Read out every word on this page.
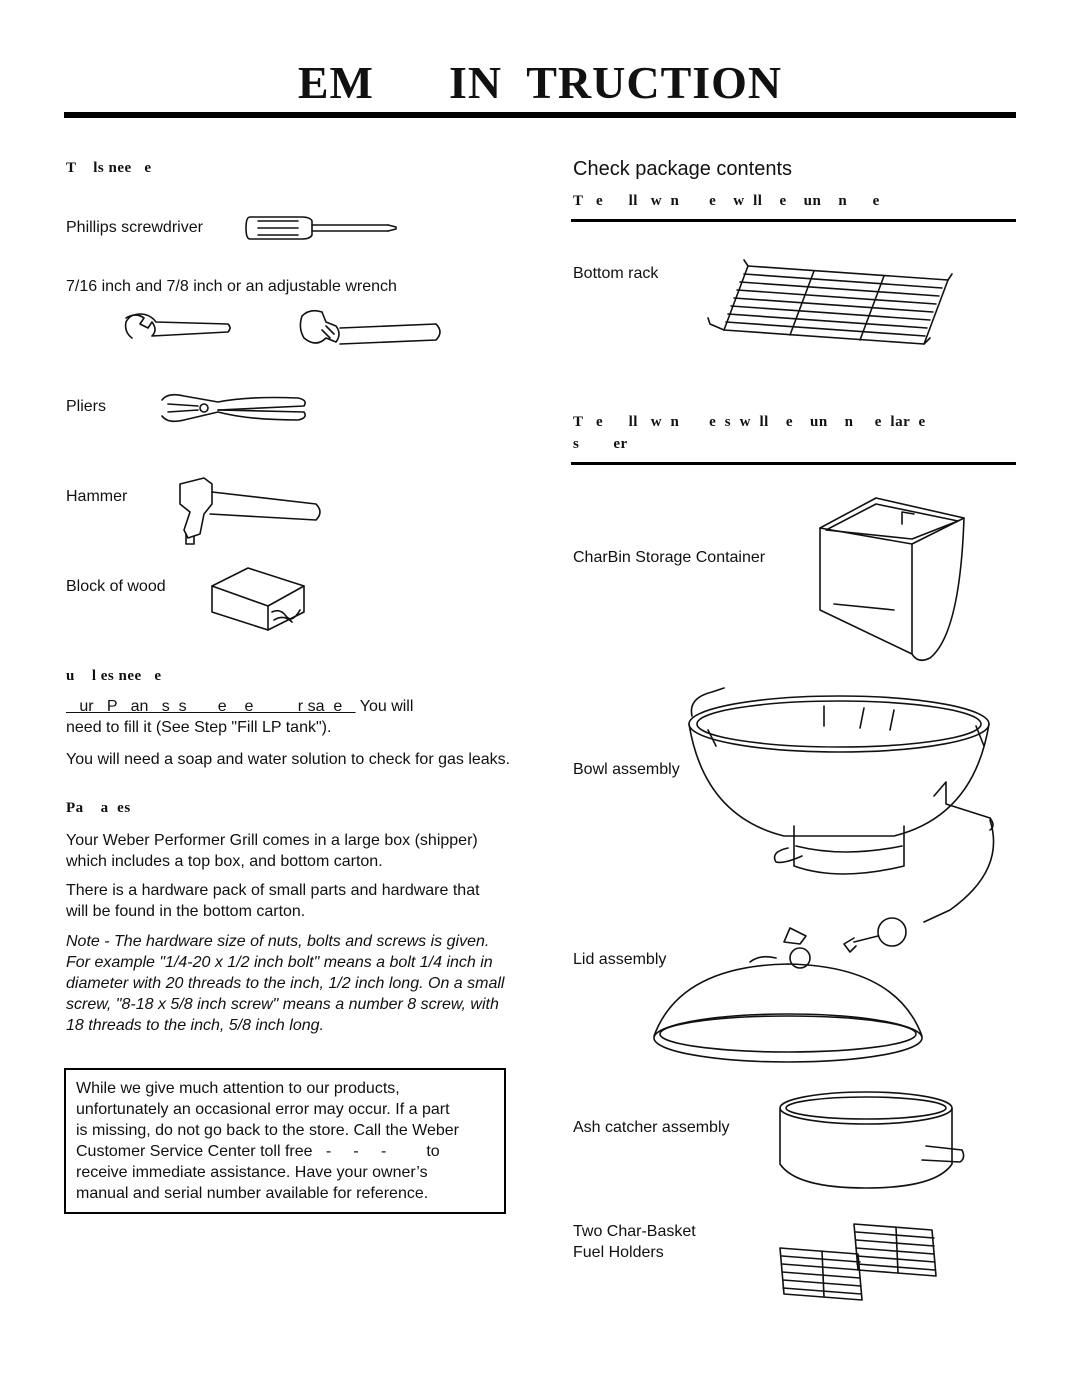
EM      IN  TRUCTION
T    ls nee   e
Phillips screwdriver
7/16 inch and 7/8 inch or an adjustable wrench
Pliers
Hammer
Block of wood
u    l es nee   e
ur   P   an   s  s       e    e          r sa  e    You will
need to fill it (See Step "Fill LP tank").
You will need a soap and water solution to check for gas leaks.
Pa    a  es
Your Weber Performer Grill comes in a large box (shipper) which includes a top box, and bottom carton.
There is a hardware pack of small parts and hardware that will be found in the bottom carton.
Note - The hardware size of nuts, bolts and screws is given. For example "1/4-20 x 1/2 inch bolt" means a bolt 1/4 inch in diameter with 20 threads to the inch, 1/2 inch long. On a small screw, "8-18 x 5/8 inch screw" means a number 8 screw, with 18 threads to the inch, 5/8 inch long.
While we give much attention to our products,
unfortunately an occasional error may occur. If a part
is missing, do not go back to the store. Call the Weber
Customer Service Center toll free -     -     -	to
receive immediate assistance. Have your owner’s
manual and serial number available for reference.
Check package contents
T   e      ll   w  n       e    w  ll    e    un    n      e
Bottom rack
T   e      ll   w  n       e  s  w  ll    e    un    n     e  lar  e
s        er
CharBin Storage Container
Bowl assembly
Lid assembly
Ash catcher assembly
Two Char-Basket
Fuel Holders
